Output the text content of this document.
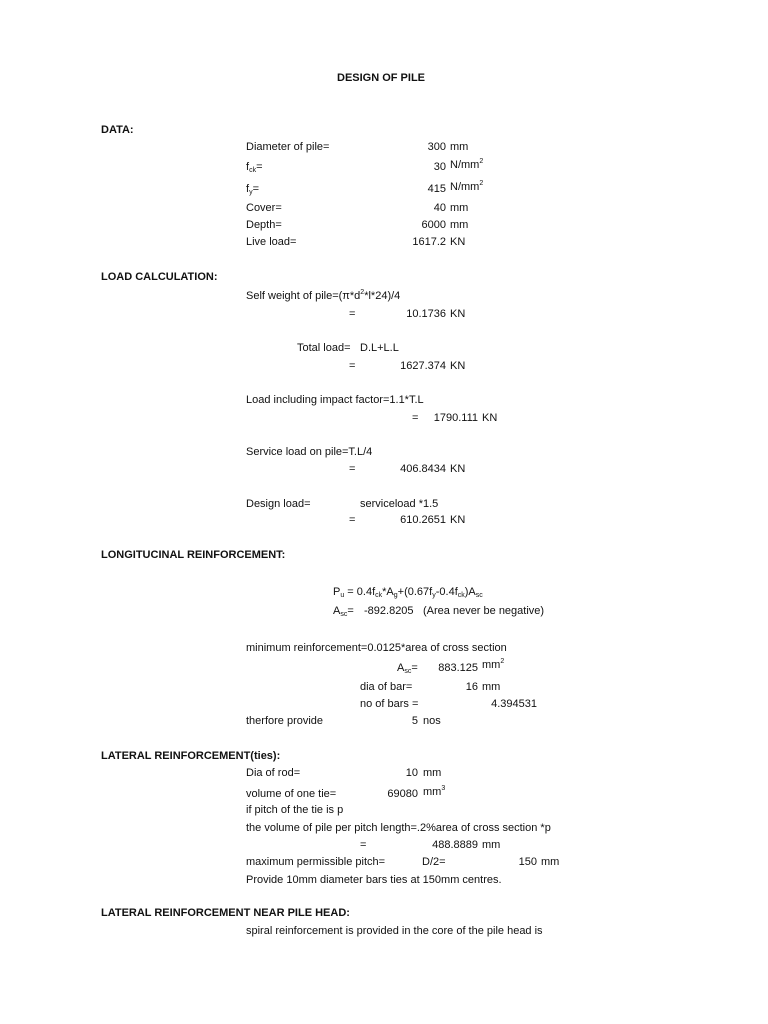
DESIGN OF PILE
DATA:
Diameter of pile=	300 mm
$f_{ck}=$	30 $N/mm^2$
$f_y=$	415 $N/mm^2$
Cover=	40 mm
Depth=	6000 mm
Live load=	1617.2 KN
LOAD CALCULATION:
Self weight of $pile=(\pi*d^2*l*24)/4$
=	10.1736 KN
Total load= D.L+L.L
=	1627.374 KN
Load including impact factor=1.1*T.L
=	1790.111 KN
Service load on pile=T.L/4
=	406.8434 KN
Design load=	serviceload *1.5
=	610.2651 KN
LONGITUCINAL REINFORCEMENT:
$P_u = 0.4f_{ck}*A_g+(0.67f_y-0.4f_{ck})A_{sc}$
$A_{sc}= -892.8205$ (Area never be negative)
minimum reinforcement=0.0125*area of cross section
$A_{sc}=$	883.125 $mm^2$
dia of bar=	16 mm
no of bars =	4.394531
therfore provide	5 nos
LATERAL REINFORCEMENT(ties):
Dia of rod=	10 mm
volume of one tie=	69080 $mm^3$
if pitch of the tie is p
the volume of pile per pitch length=.2%area of cross section *p
=	488.8889 mm
maximum permissible pitch=	D/2=	150 mm
Provide 10mm diameter bars ties at 150mm centres.
LATERAL REINFORCEMENT NEAR PILE HEAD:
spiral reinforcement is provided in the core of the pile head is
